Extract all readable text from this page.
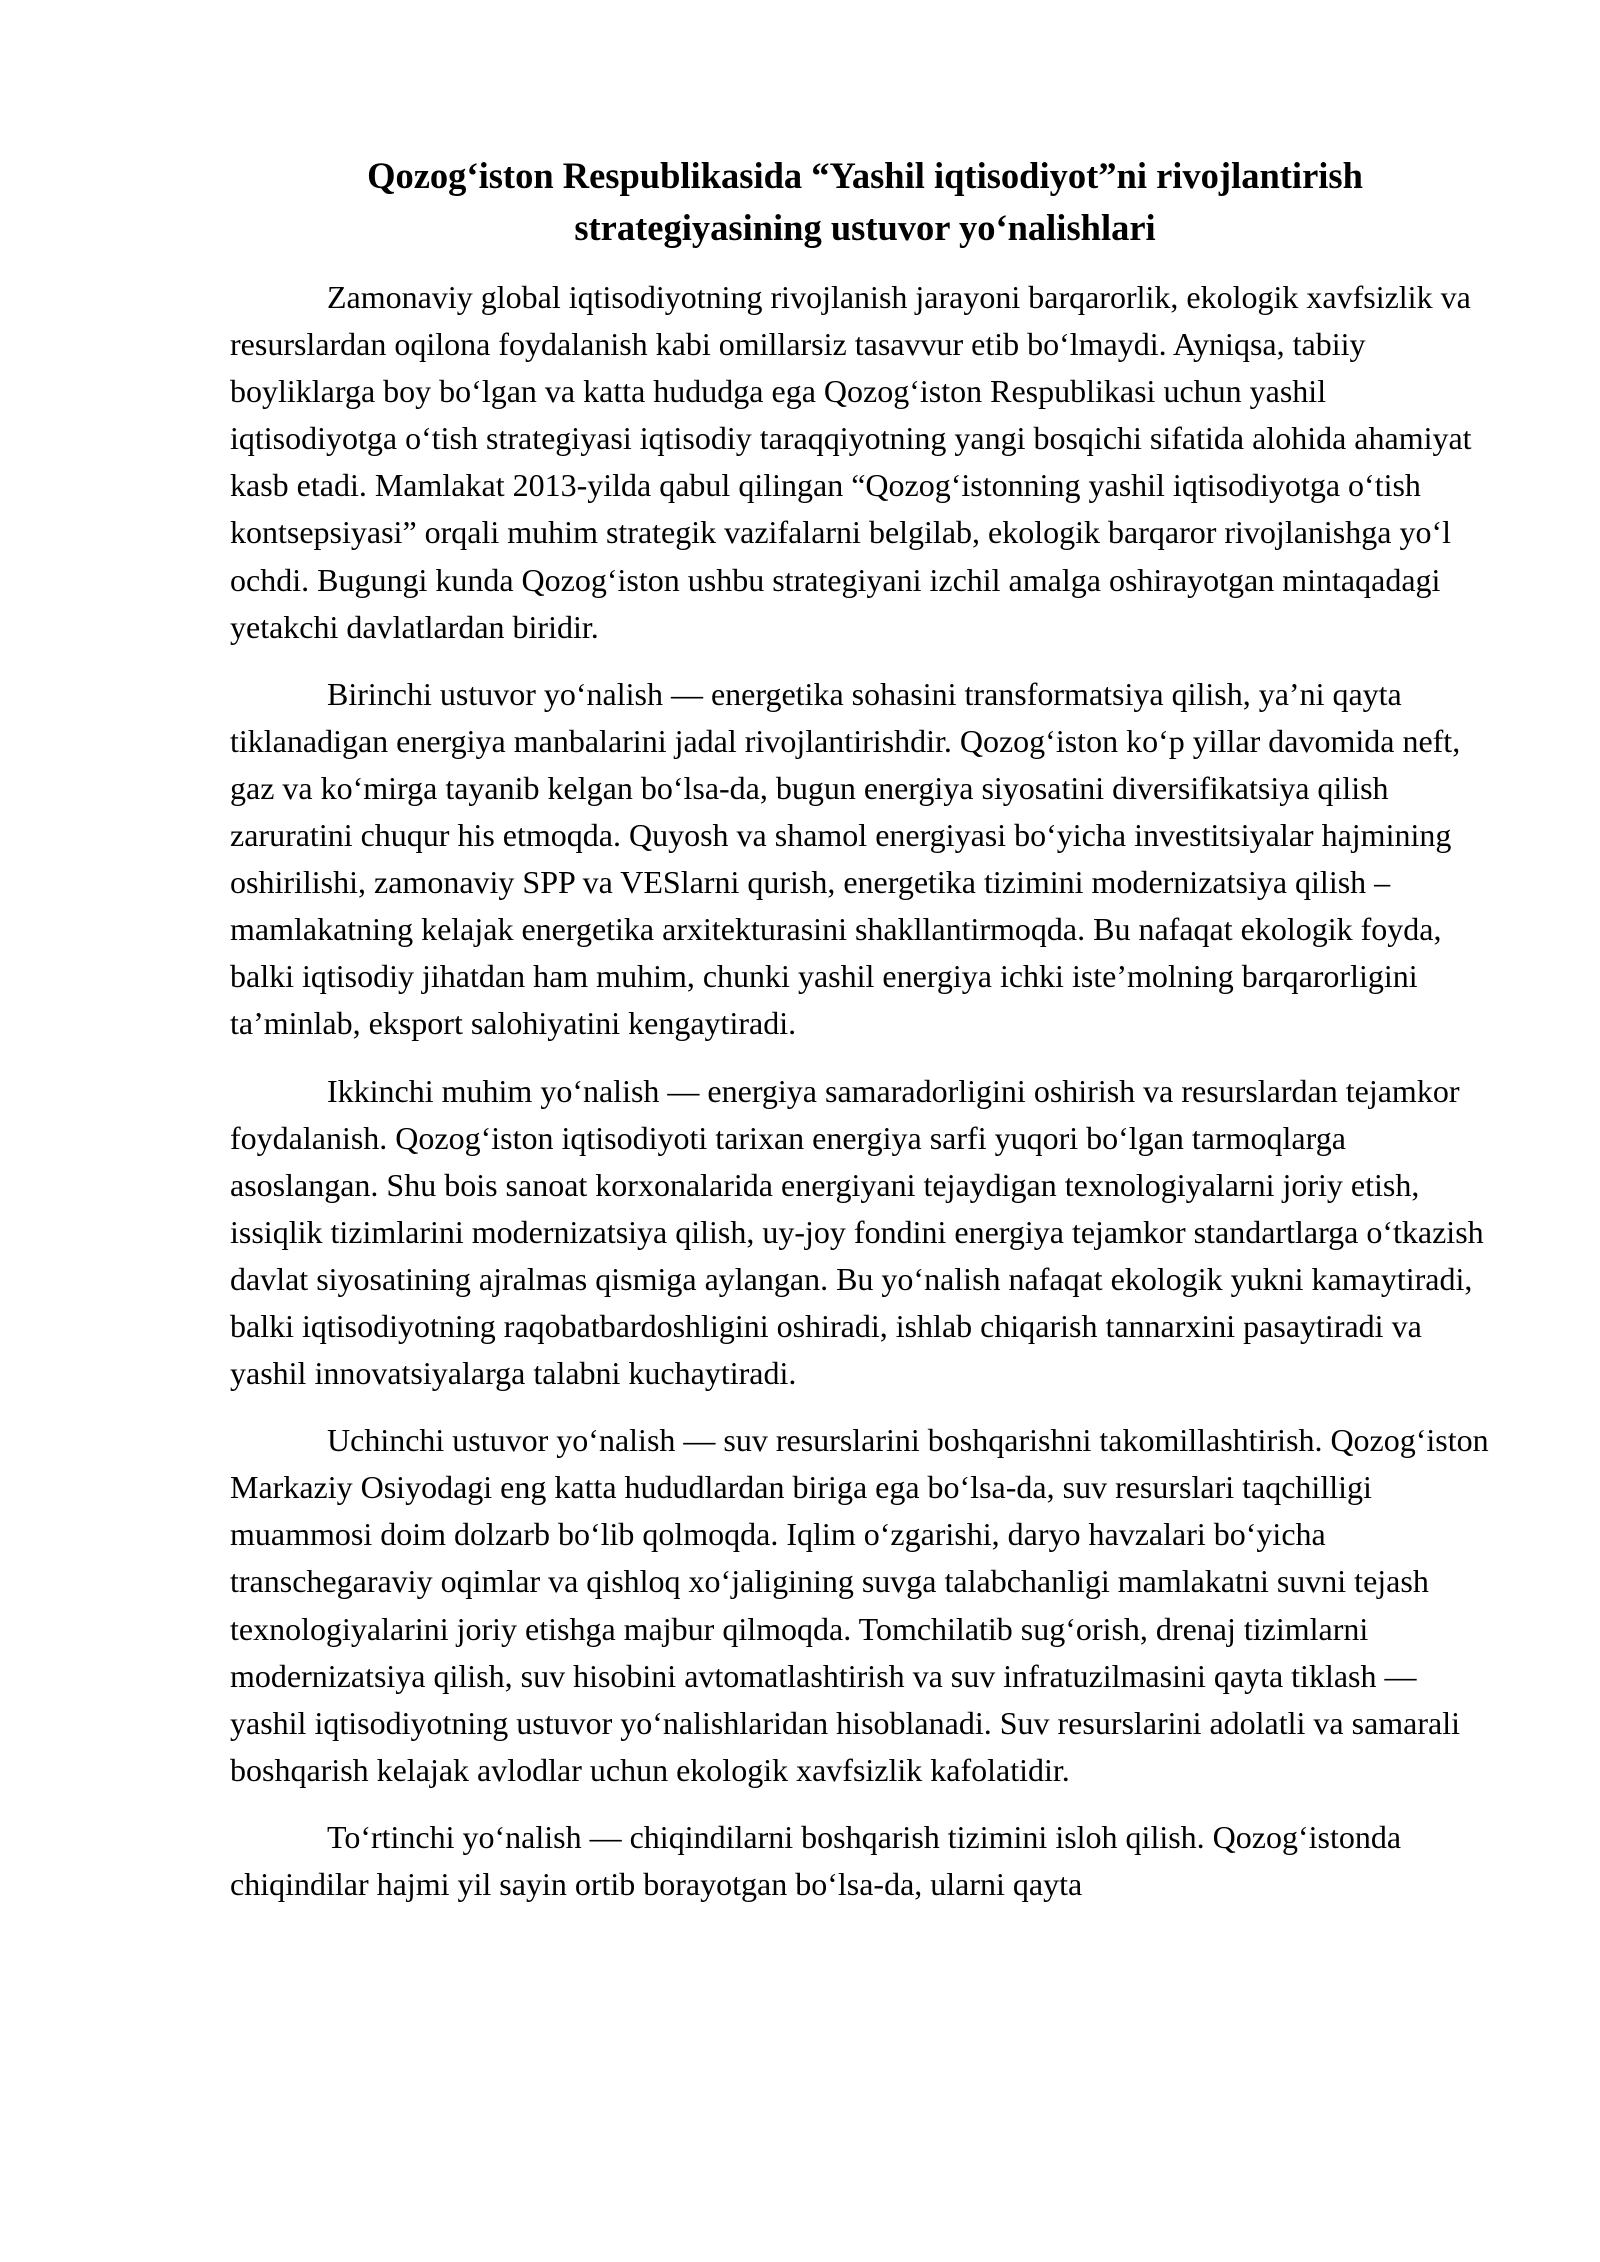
Qozog‘iston Respublikasida “Yashil iqtisodiyot”ni rivojlantirish strategiyasining ustuvor yo‘nalishlari

Zamonaviy global iqtisodiyotning rivojlanish jarayoni barqarorlik, ekologik xavfsizlik va resurslardan oqilona foydalanish kabi omillarsiz tasavvur etib bo‘lmaydi. Ayniqsa, tabiiy boyliklarga boy bo‘lgan va katta hududga ega Qozog‘iston Respublikasi uchun yashil iqtisodiyotga o‘tish strategiyasi iqtisodiy taraqqiyotning yangi bosqichi sifatida alohida ahamiyat kasb etadi. Mamlakat 2013-yilda qabul qilingan “Qozog‘istonning yashil iqtisodiyotga o‘tish kontsepsiyasi” orqali muhim strategik vazifalarni belgilab, ekologik barqaror rivojlanishga yo‘l ochdi. Bugungi kunda Qozog‘iston ushbu strategiyani izchil amalga oshirayotgan mintaqadagi yetakchi davlatlardan biridir.

Birinchi ustuvor yo‘nalish — energetika sohasini transformatsiya qilish, ya’ni qayta tiklanadigan energiya manbalarini jadal rivojlantirishdir. Qozog‘iston ko‘p yillar davomida neft, gaz va ko‘mirga tayanib kelgan bo‘lsa-da, bugun energiya siyosatini diversifikatsiya qilish zaruratini chuqur his etmoqda. Quyosh va shamol energiyasi bo‘yicha investitsiyalar hajmining oshirilishi, zamonaviy SPP va VESlarni qurish, energetika tizimini modernizatsiya qilish – mamlakatning kelajak energetika arxitekturasini shakllantirmoqda. Bu nafaqat ekologik foyda, balki iqtisodiy jihatdan ham muhim, chunki yashil energiya ichki iste’molning barqarorligini ta’minlab, eksport salohiyatini kengaytiradi.

Ikkinchi muhim yo‘nalish — energiya samaradorligini oshirish va resurslardan tejamkor foydalanish. Qozog‘iston iqtisodiyoti tarixan energiya sarfi yuqori bo‘lgan tarmoqlarga asoslangan. Shu bois sanoat korxonalarida energiyani tejaydigan texnologiyalarni joriy etish, issiqlik tizimlarini modernizatsiya qilish, uy-joy fondini energiya tejamkor standartlarga o‘tkazish davlat siyosatining ajralmas qismiga aylangan. Bu yo‘nalish nafaqat ekologik yukni kamaytiradi, balki iqtisodiyotning raqobatbardoshligini oshiradi, ishlab chiqarish tannarxini pasaytiradi va yashil innovatsiyalarga talabni kuchaytiradi.

Uchinchi ustuvor yo‘nalish — suv resurslarini boshqarishni takomillashtirish. Qozog‘iston Markaziy Osiyodagi eng katta hududlardan biriga ega bo‘lsa-da, suv resurslari taqchilligi muammosi doim dolzarb bo‘lib qolmoqda. Iqlim o‘zgarishi, daryo havzalari bo‘yicha transchegaraviy oqimlar va qishloq xo‘jaligining suvga talabchanligi mamlakatni suvni tejash texnologiyalarini joriy etishga majbur qilmoqda. Tomchilatib sug‘orish, drenaj tizimlarni modernizatsiya qilish, suv hisobini avtomatlashtirish va suv infratuzilmasini qayta tiklash — yashil iqtisodiyotning ustuvor yo‘nalishlaridan hisoblanadi. Suv resurslarini adolatli va samarali boshqarish kelajak avlodlar uchun ekologik xavfsizlik kafolatidir.

To‘rtinchi yo‘nalish — chiqindilarni boshqarish tizimini isloh qilish. Qozog‘istonda chiqindilar hajmi yil sayin ortib borayotgan bo‘lsa-da, ularni qayta
